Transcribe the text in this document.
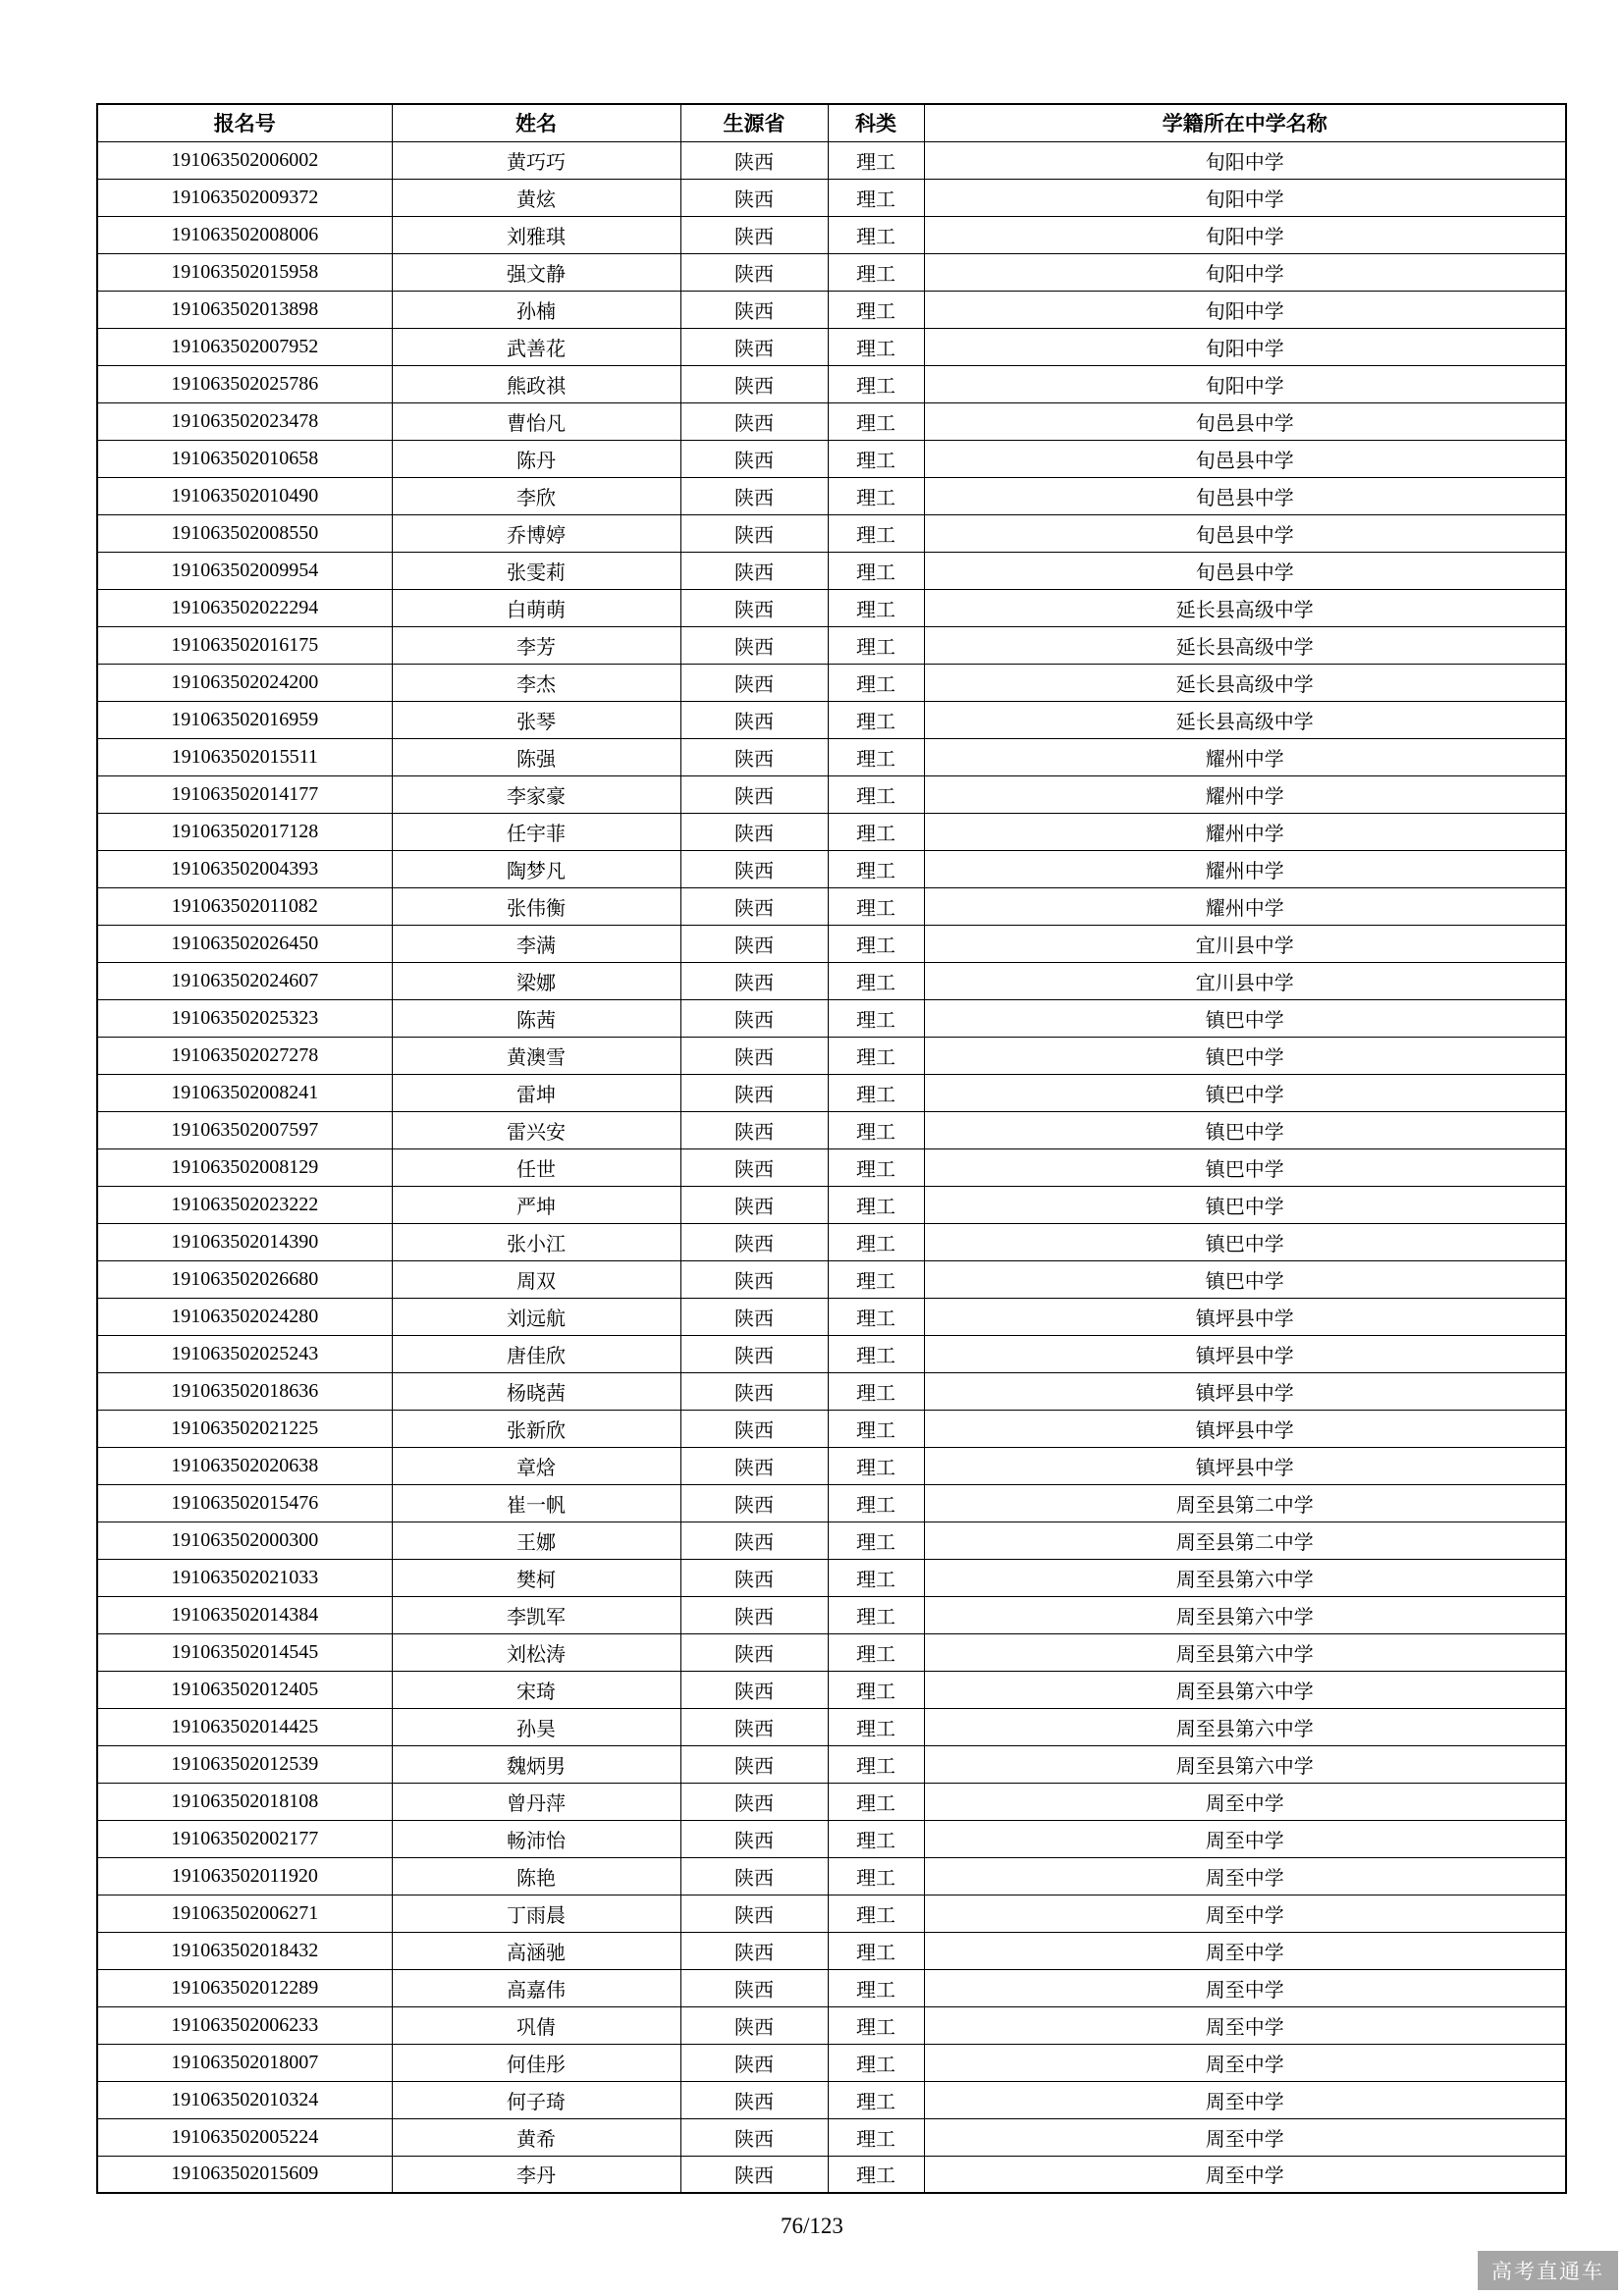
报名号	姓名	生源省	科类	学籍所在中学名称
191063502006002	黄巧巧	陕西	理工	旬阳中学
191063502009372	黄炫	陕西	理工	旬阳中学
191063502008006	刘雅琪	陕西	理工	旬阳中学
191063502015958	强文静	陕西	理工	旬阳中学
191063502013898	孙楠	陕西	理工	旬阳中学
191063502007952	武善花	陕西	理工	旬阳中学
191063502025786	熊政祺	陕西	理工	旬阳中学
191063502023478	曹怡凡	陕西	理工	旬邑县中学
191063502010658	陈丹	陕西	理工	旬邑县中学
191063502010490	李欣	陕西	理工	旬邑县中学
191063502008550	乔博婷	陕西	理工	旬邑县中学
191063502009954	张雯莉	陕西	理工	旬邑县中学
191063502022294	白萌萌	陕西	理工	延长县高级中学
191063502016175	李芳	陕西	理工	延长县高级中学
191063502024200	李杰	陕西	理工	延长县高级中学
191063502016959	张琴	陕西	理工	延长县高级中学
191063502015511	陈强	陕西	理工	耀州中学
191063502014177	李家豪	陕西	理工	耀州中学
191063502017128	任宇菲	陕西	理工	耀州中学
191063502004393	陶梦凡	陕西	理工	耀州中学
191063502011082	张伟衡	陕西	理工	耀州中学
191063502026450	李满	陕西	理工	宜川县中学
191063502024607	梁娜	陕西	理工	宜川县中学
191063502025323	陈茜	陕西	理工	镇巴中学
191063502027278	黄澳雪	陕西	理工	镇巴中学
191063502008241	雷坤	陕西	理工	镇巴中学
191063502007597	雷兴安	陕西	理工	镇巴中学
191063502008129	任世	陕西	理工	镇巴中学
191063502023222	严坤	陕西	理工	镇巴中学
191063502014390	张小江	陕西	理工	镇巴中学
191063502026680	周双	陕西	理工	镇巴中学
191063502024280	刘远航	陕西	理工	镇坪县中学
191063502025243	唐佳欣	陕西	理工	镇坪县中学
191063502018636	杨晓茜	陕西	理工	镇坪县中学
191063502021225	张新欣	陕西	理工	镇坪县中学
191063502020638	章焓	陕西	理工	镇坪县中学
191063502015476	崔一帆	陕西	理工	周至县第二中学
191063502000300	王娜	陕西	理工	周至县第二中学
191063502021033	樊柯	陕西	理工	周至县第六中学
191063502014384	李凯军	陕西	理工	周至县第六中学
191063502014545	刘松涛	陕西	理工	周至县第六中学
191063502012405	宋琦	陕西	理工	周至县第六中学
191063502014425	孙昊	陕西	理工	周至县第六中学
191063502012539	魏炳男	陕西	理工	周至县第六中学
191063502018108	曾丹萍	陕西	理工	周至中学
191063502002177	畅沛怡	陕西	理工	周至中学
191063502011920	陈艳	陕西	理工	周至中学
191063502006271	丁雨晨	陕西	理工	周至中学
191063502018432	高涵驰	陕西	理工	周至中学
191063502012289	高嘉伟	陕西	理工	周至中学
191063502006233	巩倩	陕西	理工	周至中学
191063502018007	何佳彤	陕西	理工	周至中学
191063502010324	何子琦	陕西	理工	周至中学
191063502005224	黄希	陕西	理工	周至中学
191063502015609	李丹	陕西	理工	周至中学
76/123
高考直通车
